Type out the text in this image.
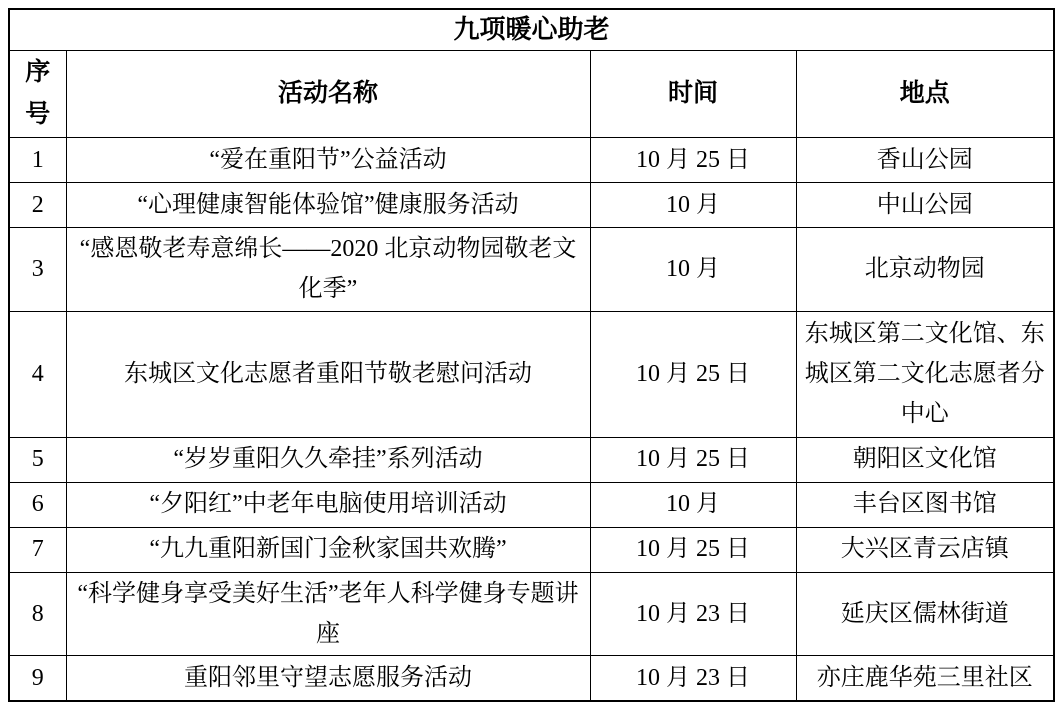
九项暖心助老			
序号	活动名称	时间	地点
1	“爱在重阳节”公益活动	10 月 25 日	香山公园
2	“心理健康智能体验馆”健康服务活动	10 月	中山公园
3	“感恩敬老寿意绵长——2020 北京动物园敬老文化季”	10 月	北京动物园
4	东城区文化志愿者重阳节敬老慰问活动	10 月 25 日	东城区第二文化馆、东城区第二文化志愿者分中心
5	“岁岁重阳久久牵挂”系列活动	10 月 25 日	朝阳区文化馆
6	“夕阳红”中老年电脑使用培训活动	10 月	丰台区图书馆
7	“九九重阳新国门金秋家国共欢腾”	10 月 25 日	大兴区青云店镇
8	“科学健身享受美好生活”老年人科学健身专题讲座	10 月 23 日	延庆区儒林街道
9	重阳邻里守望志愿服务活动	10 月 23 日	亦庄鹿华苑三里社区
